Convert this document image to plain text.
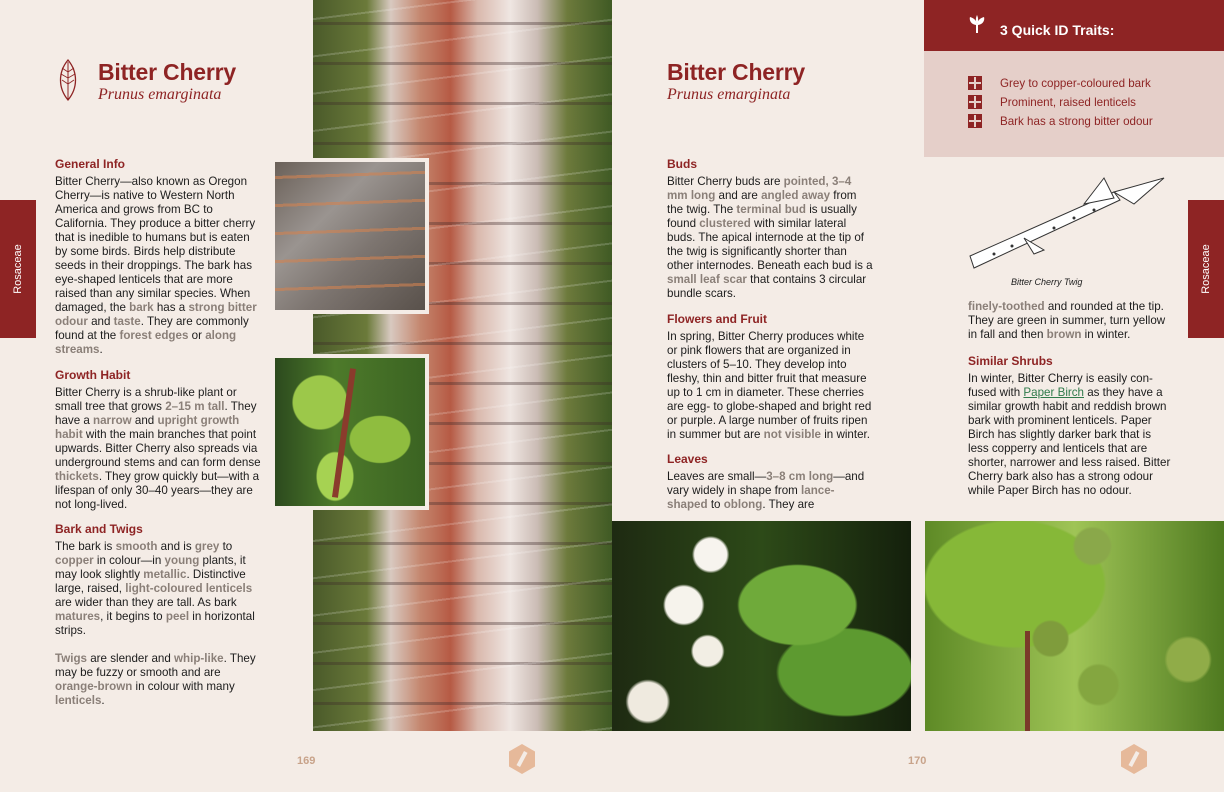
Bitter Cherry
Prunus emarginata
Rosaceae
General Info

Bitter Cherry—also known as Oregon Cherry—is native to Western North America and grows from BC to California. They produce a bitter cherry that is inedible to humans but is eaten by some birds. Birds help distribute seeds in their droppings. The bark has eye-shaped lenticels that are more raised than any similar species. When damaged, the bark has a strong bitter odour and taste. They are commonly found at the forest edges or along streams.

Growth Habit

Bitter Cherry is a shrub-like plant or small tree that grows 2–15 m tall. They have a narrow and upright growth habit with the main branches that point upwards. Bitter Cherry also spreads via underground stems and can form dense thickets. They grow quickly but—with a lifespan of only 30–40 years—they are not long-lived.

Bark and Twigs

The bark is smooth and is grey to copper in colour—in young plants, it may look slightly metallic. Distinctive large, raised, light-coloured lenticels are wider than they are tall. As bark matures, it begins to peel in horizontal strips.

Twigs are slender and whip-like. They may be fuzzy or smooth and are orange-brown in colour with many lenticels.

169
Bitter Cherry
Prunus emarginata
Buds

Bitter Cherry buds are pointed, 3–4 mm long and are angled away from the twig. The terminal bud is usually found clustered with similar lateral buds. The apical internode at the tip of the twig is significantly shorter than other internodes. Beneath each bud is a small leaf scar that contains 3 circular bundle scars.

Flowers and Fruit

In spring, Bitter Cherry produces white or pink flowers that are organized in clusters of 5–10. They develop into fleshy, thin and bitter fruit that measure up to 1 cm in diameter. These cherries are egg- to globe-shaped and bright red or purple. A large number of fruits ripen in summer but are not visible in winter.

Leaves

Leaves are small—3–8 cm long—and vary widely in shape from lance-shaped to oblong. They are

finely-toothed and rounded at the tip. They are green in summer, turn yellow in fall and then brown in winter.

Similar Shrubs

In winter, Bitter Cherry is easily con-fused with Paper Birch as they have a similar growth habit and reddish brown bark with prominent lenticels. Paper Birch has slightly darker bark that is less copperry and lenticels that are shorter, narrower and less raised. Bitter Cherry bark also has a strong odour while Paper Birch has no odour.

3 Quick ID Traits:
Grey to copper-coloured bark
Prominent, raised lenticels
Bark has a strong bitter odour
Bitter Cherry Twig	Rosaceae
170
